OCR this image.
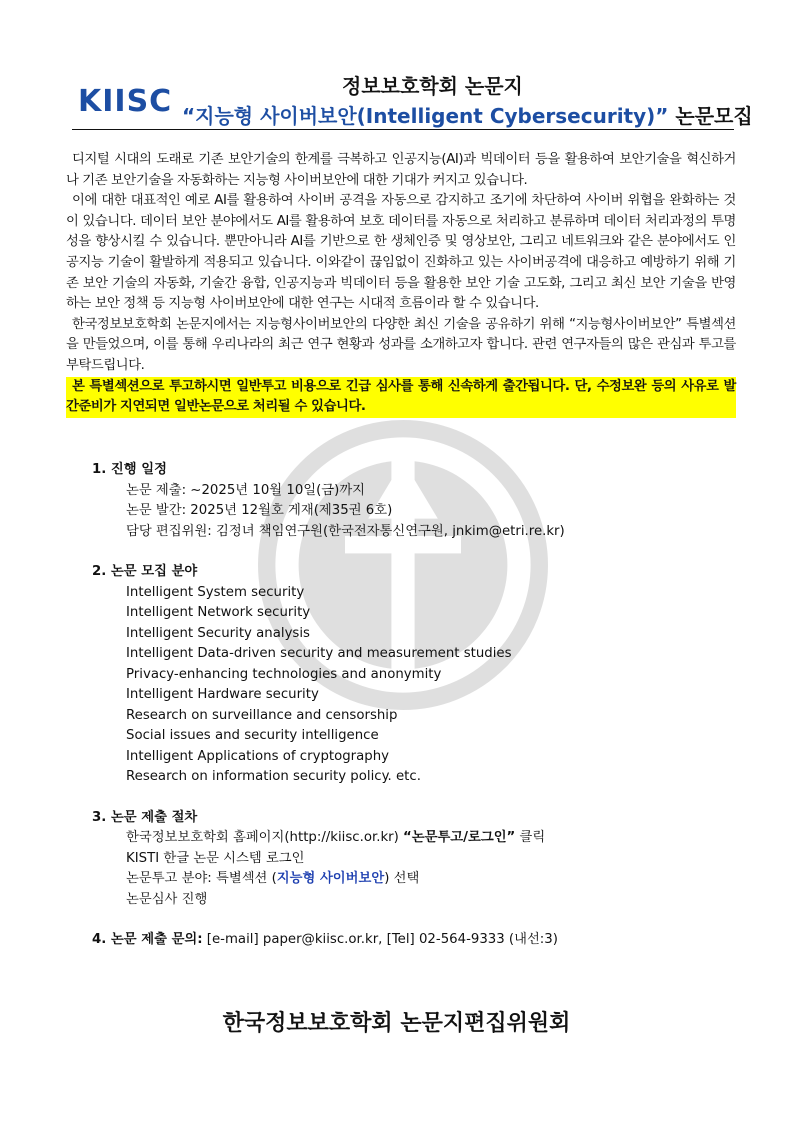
KIISC	정보보호학회 논문지
“지능형 사이버보안(Intelligent Cybersecurity)” 논문모집

디지털 시대의 도래로 기존 보안기술의 한계를 극복하고 인공지능(AI)과 빅데이터 등을 활용하여 보안기술을 혁신하거나 기존 보안기술을 자동화하는 지능형 사이버보안에 대한 기대가 커지고 있습니다.

이에 대한 대표적인 예로 AI를 활용하여 사이버 공격을 자동으로 감지하고 조기에 차단하여 사이버 위협을 완화하는 것이 있습니다. 데이터 보안 분야에서도 AI를 활용하여 보호 데이터를 자동으로 처리하고 분류하며 데이터 처리과정의 투명성을 향상시킬 수 있습니다. 뿐만아니라 AI를 기반으로 한 생체인증 및 영상보안, 그리고 네트워크와 같은 분야에서도 인공지능 기술이 활발하게 적용되고 있습니다. 이와같이 끊임없이 진화하고 있는 사이버공격에 대응하고 예방하기 위해 기존 보안 기술의 자동화, 기술간 융합, 인공지능과 빅데이터 등을 활용한 보안 기술 고도화, 그리고 최신 보안 기술을 반영하는 보안 정책 등 지능형 사이버보안에 대한 연구는 시대적 흐름이라 할 수 있습니다.

한국정보보호학회 논문지에서는 지능형사이버보안의 다양한 최신 기술을 공유하기 위해 “지능형사이버보안” 특별섹션을 만들었으며, 이를 통해 우리나라의 최근 연구 현황과 성과를 소개하고자 합니다. 관련 연구자들의 많은 관심과 투고를 부탁드립니다.

본 특별섹션으로 투고하시면 일반투고 비용으로 긴급 심사를 통해 신속하게 출간됩니다. 단, 수정보완 등의 사유로 발간준비가 지연되면 일반논문으로 처리될 수 있습니다.

1. 진행 일정
논문 제출: ~2025년 10월 10일(금)까지
논문 발간: 2025년 12월호 게재(제35권 6호)
담당 편집위원: 김정녀 책임연구원(한국전자통신연구원, jnkim@etri.re.kr)
2. 논문 모집 분야
Intelligent System security
Intelligent Network security
Intelligent Security analysis
Intelligent Data-driven security and measurement studies
Privacy-enhancing technologies and anonymity
Intelligent Hardware security
Research on surveillance and censorship
Social issues and security intelligence
Intelligent Applications of cryptography
Research on information security policy. etc.
3. 논문 제출 절차
한국정보보호학회 홈페이지(http://kiisc.or.kr) “논문투고/로그인” 클릭
KISTI 한글 논문 시스템 로그인
논문투고 분야: 특별섹션 (지능형 사이버보안) 선택
논문심사 진행
4. 논문 제출 문의: [e-mail] paper@kiisc.or.kr, [Tel] 02-564-9333 (내선:3)
한국정보보호학회 논문지편집위원회
